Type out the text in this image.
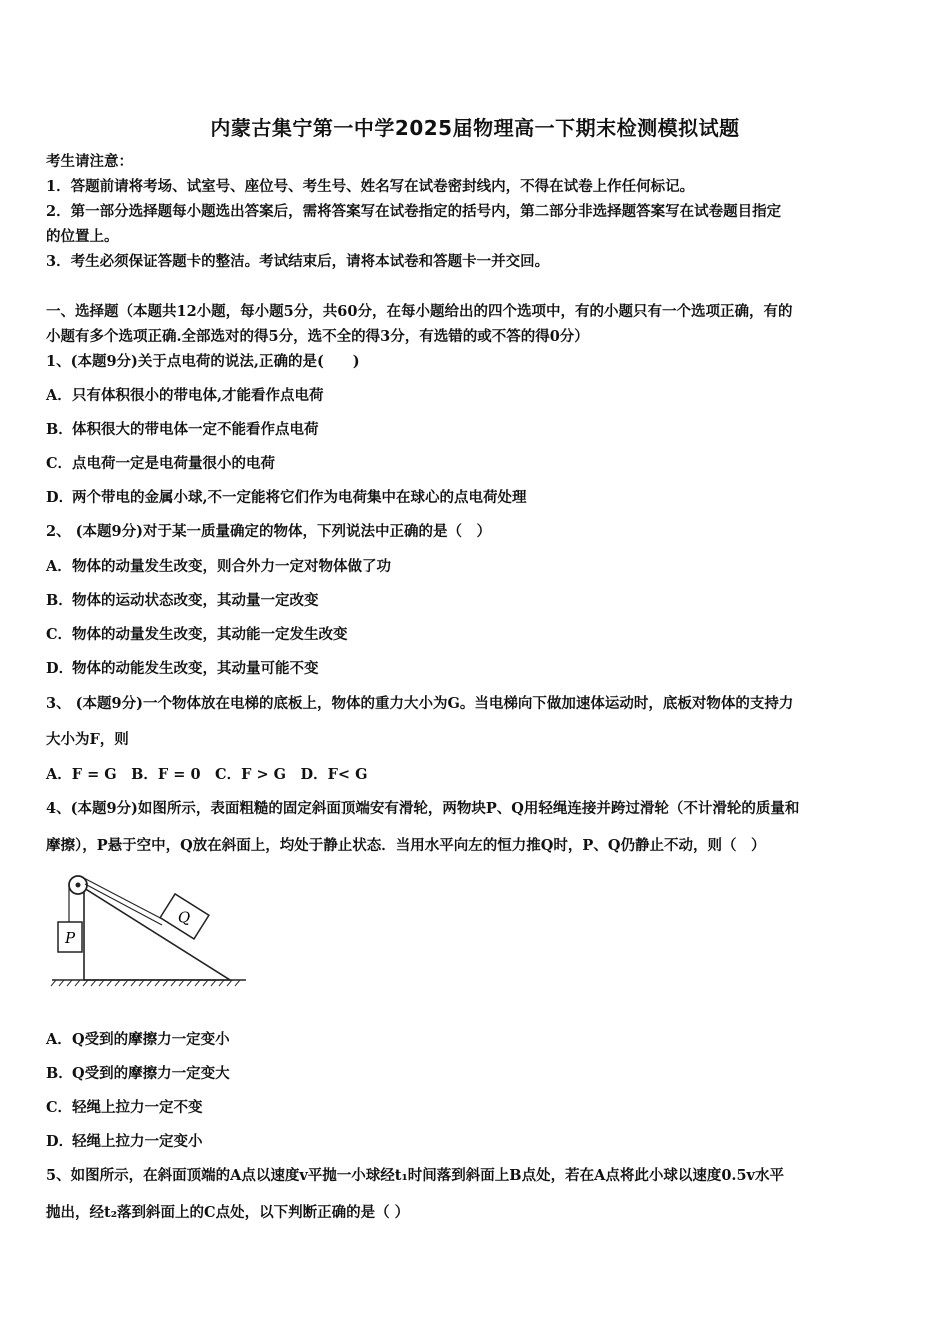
内蒙古集宁第一中学2025届物理高一下期末检测模拟试题
考生请注意：
1．答题前请将考场、试室号、座位号、考生号、姓名写在试卷密封线内，不得在试卷上作任何标记。
2．第一部分选择题每小题选出答案后，需将答案写在试卷指定的括号内，第二部分非选择题答案写在试卷题目指定
的位置上。
3．考生必须保证答题卡的整洁。考试结束后，请将本试卷和答题卡一并交回。
一、选择题（本题共12小题，每小题5分，共60分，在每小题给出的四个选项中，有的小题只有一个选项正确，有的
小题有多个选项正确.全部选对的得5分，选不全的得3分，有选错的或不答的得0分）
1、(本题9分)关于点电荷的说法,正确的是(　　)
A．只有体积很小的带电体,才能看作点电荷
B．体积很大的带电体一定不能看作点电荷
C．点电荷一定是电荷量很小的电荷
D．两个带电的金属小球,不一定能将它们作为电荷集中在球心的点电荷处理
2、 (本题9分)对于某一质量确定的物体，下列说法中正确的是（　）
A．物体的动量发生改变，则合外力一定对物体做了功
B．物体的运动状态改变，其动量一定改变
C．物体的动量发生改变，其动能一定发生改变
D．物体的动能发生改变，其动量可能不变
3、 (本题9分)一个物体放在电梯的底板上，物体的重力大小为G。当电梯向下做加速体运动时，底板对物体的支持力
大小为F，则
A．F = G　B．F = 0　C．F > G　D．F< G
4、(本题9分)如图所示，表面粗糙的固定斜面顶端安有滑轮，两物块P、Q用轻绳连接并跨过滑轮（不计滑轮的质量和
摩擦），P悬于空中，Q放在斜面上，均处于静止状态．当用水平向左的恒力推Q时，P、Q仍静止不动，则（　）
P
Q
A．Q受到的摩擦力一定变小
B．Q受到的摩擦力一定变大
C．轻绳上拉力一定不变
D．轻绳上拉力一定变小
5、如图所示，在斜面顶端的A点以速度v平抛一小球经t₁时间落到斜面上B点处，若在A点将此小球以速度0.5v水平
抛出，经t₂落到斜面上的C点处，以下判断正确的是（ ）
